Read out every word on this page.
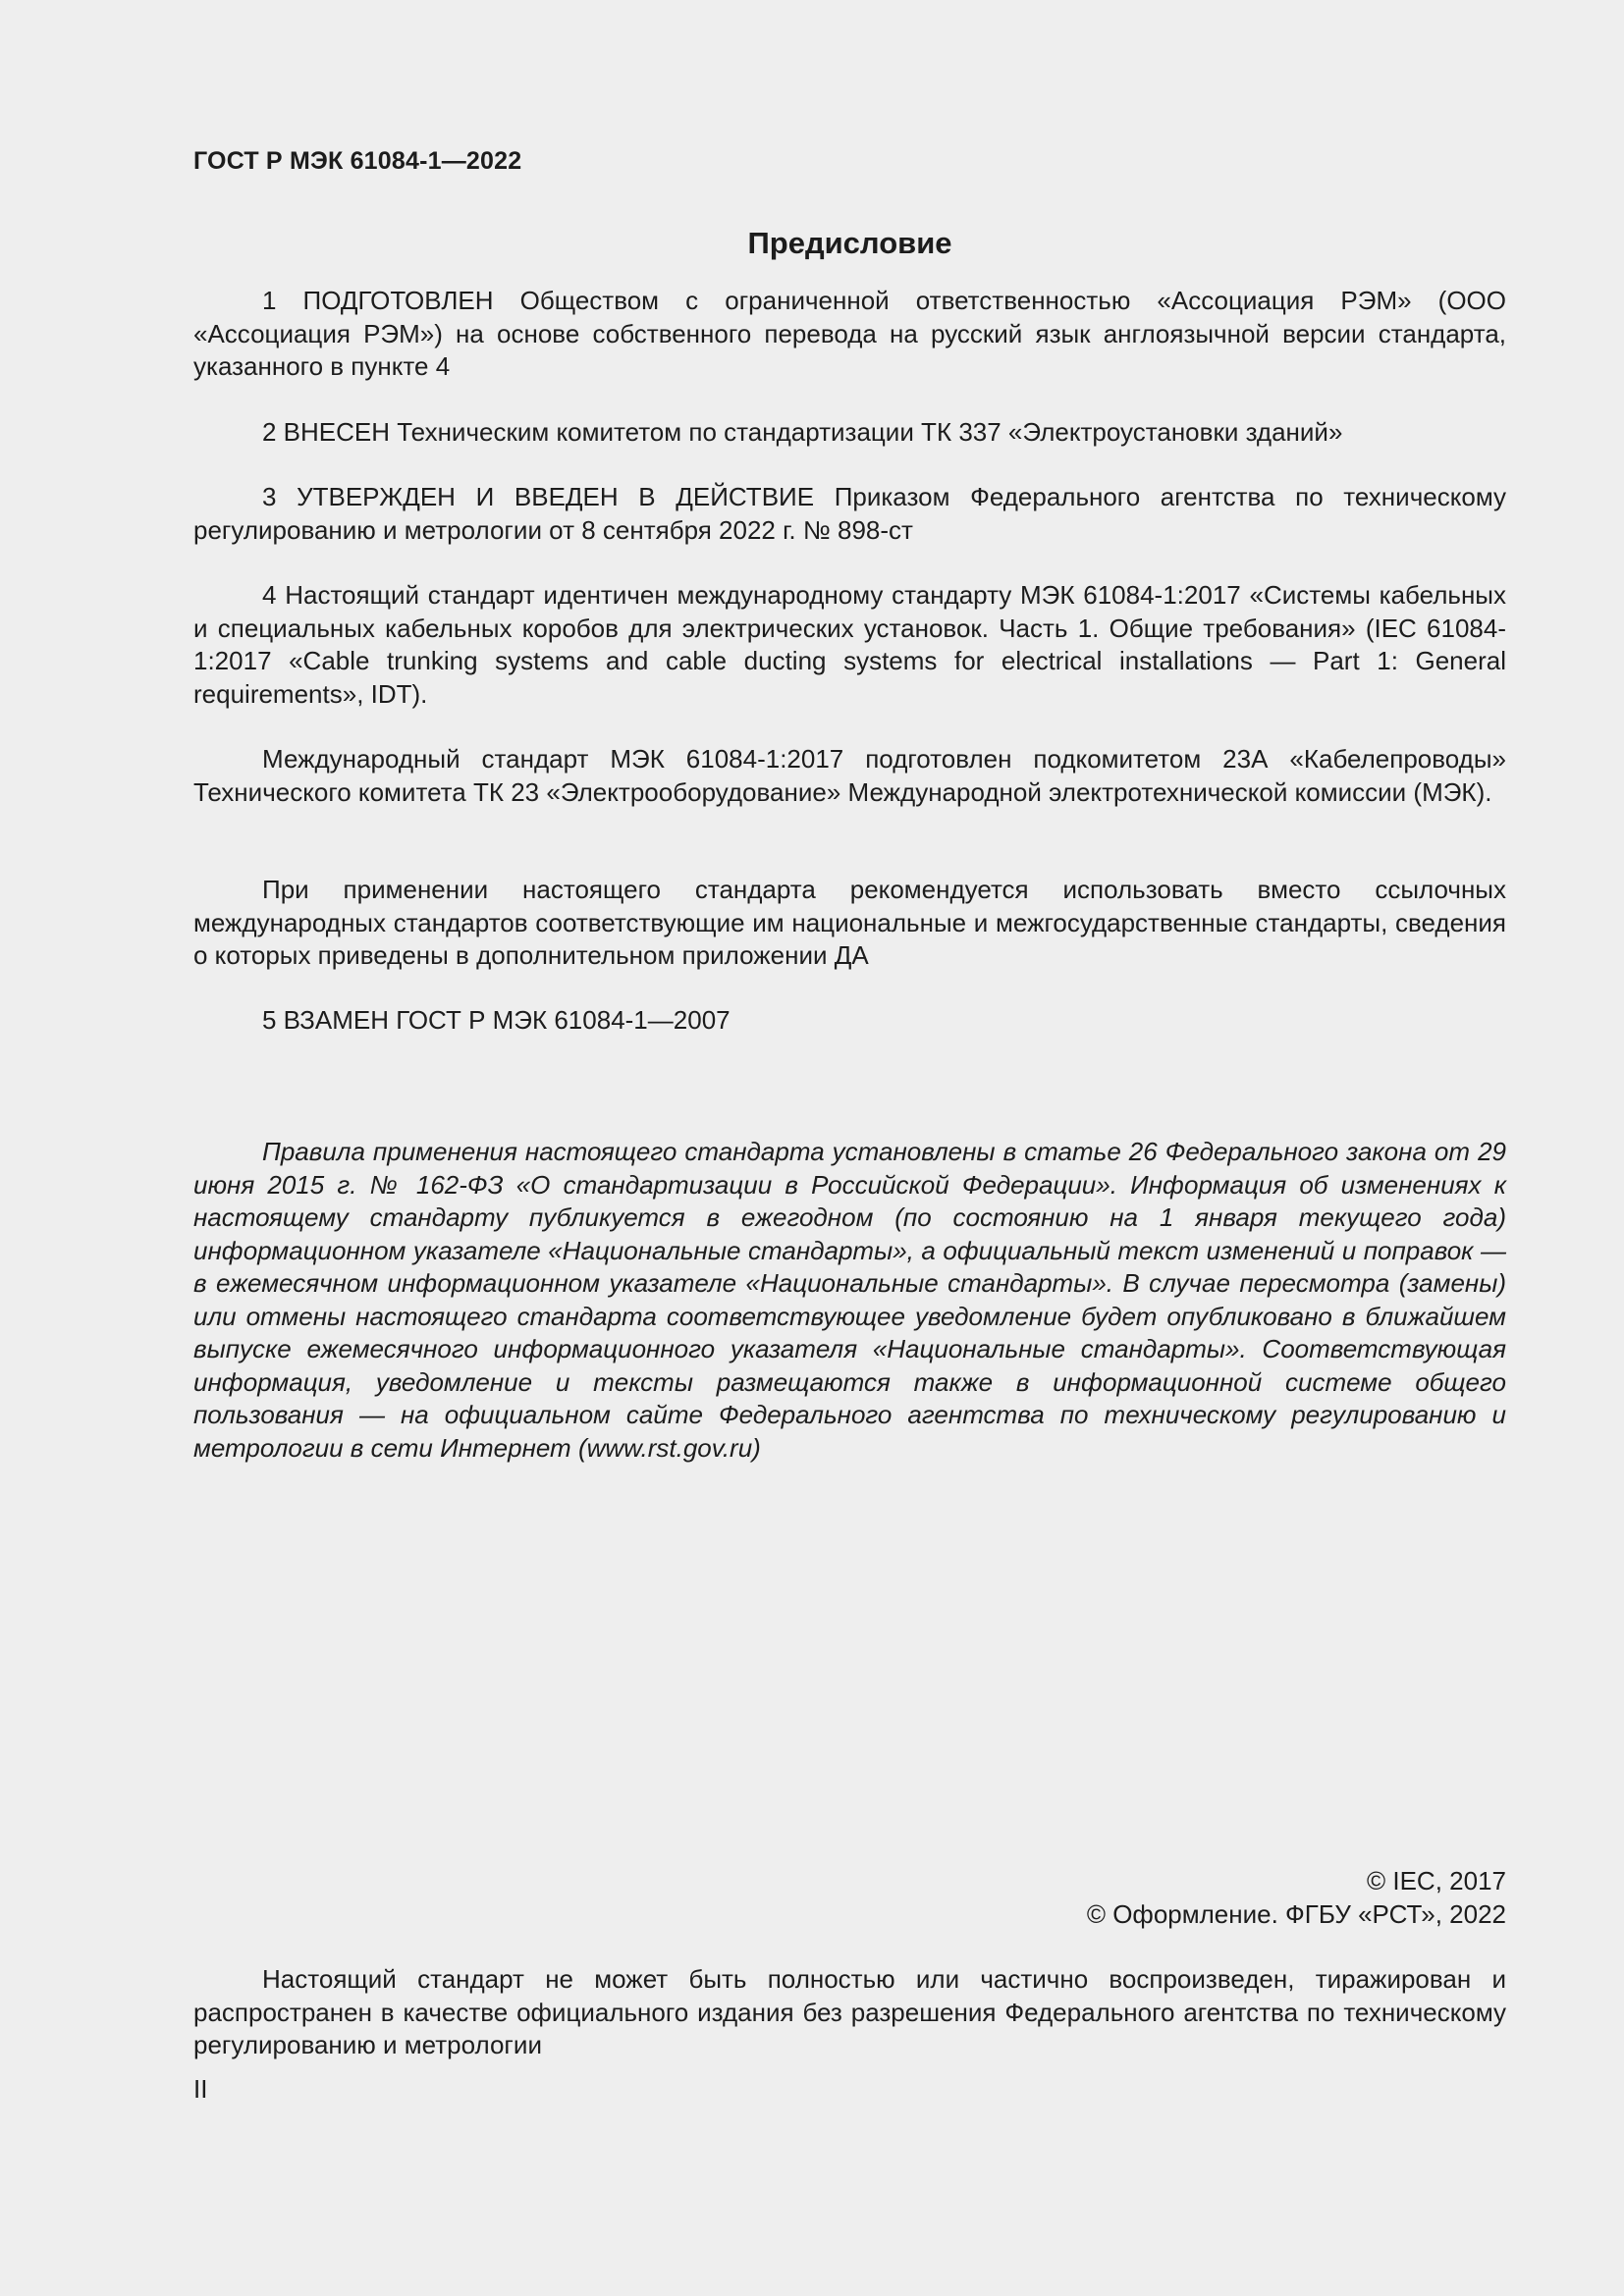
ГОСТ Р МЭК 61084-1—2022

Предисловие

1 ПОДГОТОВЛЕН Обществом с ограниченной ответственностью «Ассоциация РЭМ» (ООО «Ассоциация РЭМ») на основе собственного перевода на русский язык англоязычной версии стандарта, указанного в пункте 4

2 ВНЕСЕН Техническим комитетом по стандартизации ТК 337 «Электроустановки зданий»

3 УТВЕРЖДЕН И ВВЕДЕН В ДЕЙСТВИЕ Приказом Федерального агентства по техническому регулированию и метрологии от 8 сентября 2022 г. № 898-ст

4 Настоящий стандарт идентичен международному стандарту МЭК 61084-1:2017 «Системы кабельных и специальных кабельных коробов для электрических установок. Часть 1. Общие требования» (IEC 61084-1:2017 «Cable trunking systems and cable ducting systems for electrical installations — Part 1: General requirements», IDT).

Международный стандарт МЭК 61084-1:2017 подготовлен подкомитетом 23А «Кабелепроводы» Технического комитета ТК 23 «Электрооборудование» Международной электротехнической комиссии (МЭК).

При применении настоящего стандарта рекомендуется использовать вместо ссылочных международных стандартов соответствующие им национальные и межгосударственные стандарты, сведения о которых приведены в дополнительном приложении ДА

5 ВЗАМЕН ГОСТ Р МЭК 61084-1—2007

Правила применения настоящего стандарта установлены в статье 26 Федерального закона от 29 июня 2015 г. № 162-ФЗ «О стандартизации в Российской Федерации». Информация об изменениях к настоящему стандарту публикуется в ежегодном (по состоянию на 1 января текущего года) информационном указателе «Национальные стандарты», а официальный текст изменений и поправок — в ежемесячном информационном указателе «Национальные стандарты». В случае пересмотра (замены) или отмены настоящего стандарта соответствующее уведомление будет опубликовано в ближайшем выпуске ежемесячного информационного указателя «Национальные стандарты». Соответствующая информация, уведомление и тексты размещаются также в информационной системе общего пользования — на официальном сайте Федерального агентства по техническому регулированию и метрологии в сети Интернет (www.rst.gov.ru)

© IEC, 2017
© Оформление. ФГБУ «РСТ», 2022

Настоящий стандарт не может быть полностью или частично воспроизведен, тиражирован и распространен в качестве официального издания без разрешения Федерального агентства по техническому регулированию и метрологии

II
